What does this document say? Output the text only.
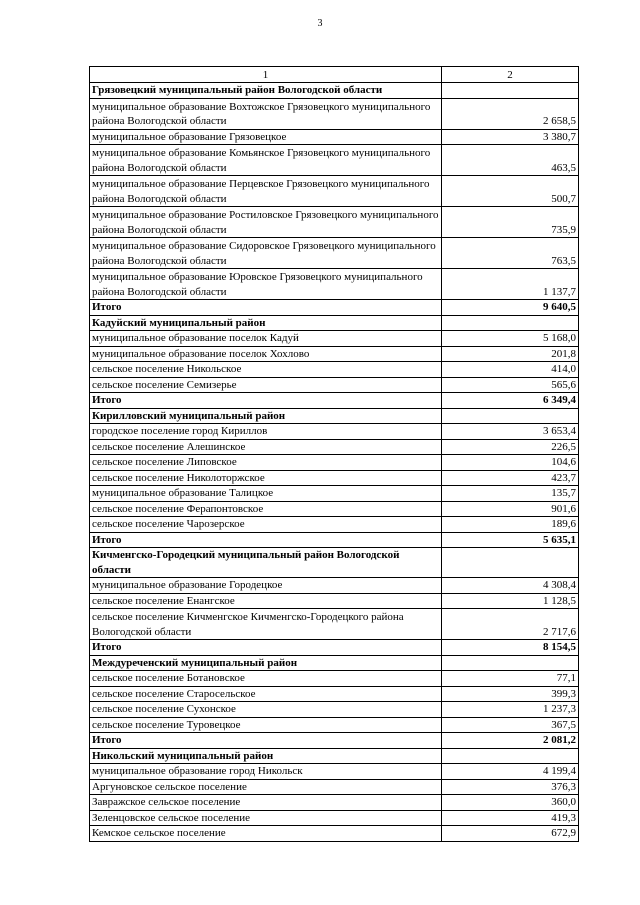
3
1	2
Грязовецкий муниципальный район Вологодской области	
муниципальное образование Вохтожское Грязовецкого муниципального района Вологодской области	2 658,5
муниципальное образование Грязовецкое	3 380,7
муниципальное образование Комьянское Грязовецкого муниципального района Вологодской области	463,5
муниципальное образование Перцевское Грязовецкого муниципального района Вологодской области	500,7
муниципальное образование Ростиловское Грязовецкого муниципального района Вологодской области	735,9
муниципальное образование Сидоровское Грязовецкого муниципального района Вологодской области	763,5
муниципальное образование Юровское Грязовецкого муниципального района Вологодской области	1 137,7
Итого	9 640,5
Кадуйский муниципальный район	
муниципальное образование поселок Кадуй	5 168,0
муниципальное образование поселок Хохлово	201,8
сельское поселение Никольское	414,0
сельское поселение Семизерье	565,6
Итого	6 349,4
Кирилловский муниципальный район	
городское поселение город Кириллов	3 653,4
сельское поселение Алешинское	226,5
сельское поселение Липовское	104,6
сельское поселение Николоторжское	423,7
муниципальное образование Талицкое	135,7
сельское поселение Ферапонтовское	901,6
сельское поселение Чарозерское	189,6
Итого	5 635,1
Кичменгско-Городецкий муниципальный район Вологодской области	
муниципальное образование Городецкое	4 308,4
сельское поселение Енангское	1 128,5
сельское поселение Кичменгское Кичменгско-Городецкого района Вологодской области	2 717,6
Итого	8 154,5
Междуреченский муниципальный район	
сельское поселение Ботановское	77,1
сельское поселение Старосельское	399,3
сельское поселение Сухонское	1 237,3
сельское поселение Туровецкое	367,5
Итого	2 081,2
Никольский муниципальный район	
муниципальное образование город Никольск	4 199,4
Аргуновское сельское поселение	376,3
Завражское сельское поселение	360,0
Зеленцовское сельское поселение	419,3
Кемское сельское поселение	672,9
